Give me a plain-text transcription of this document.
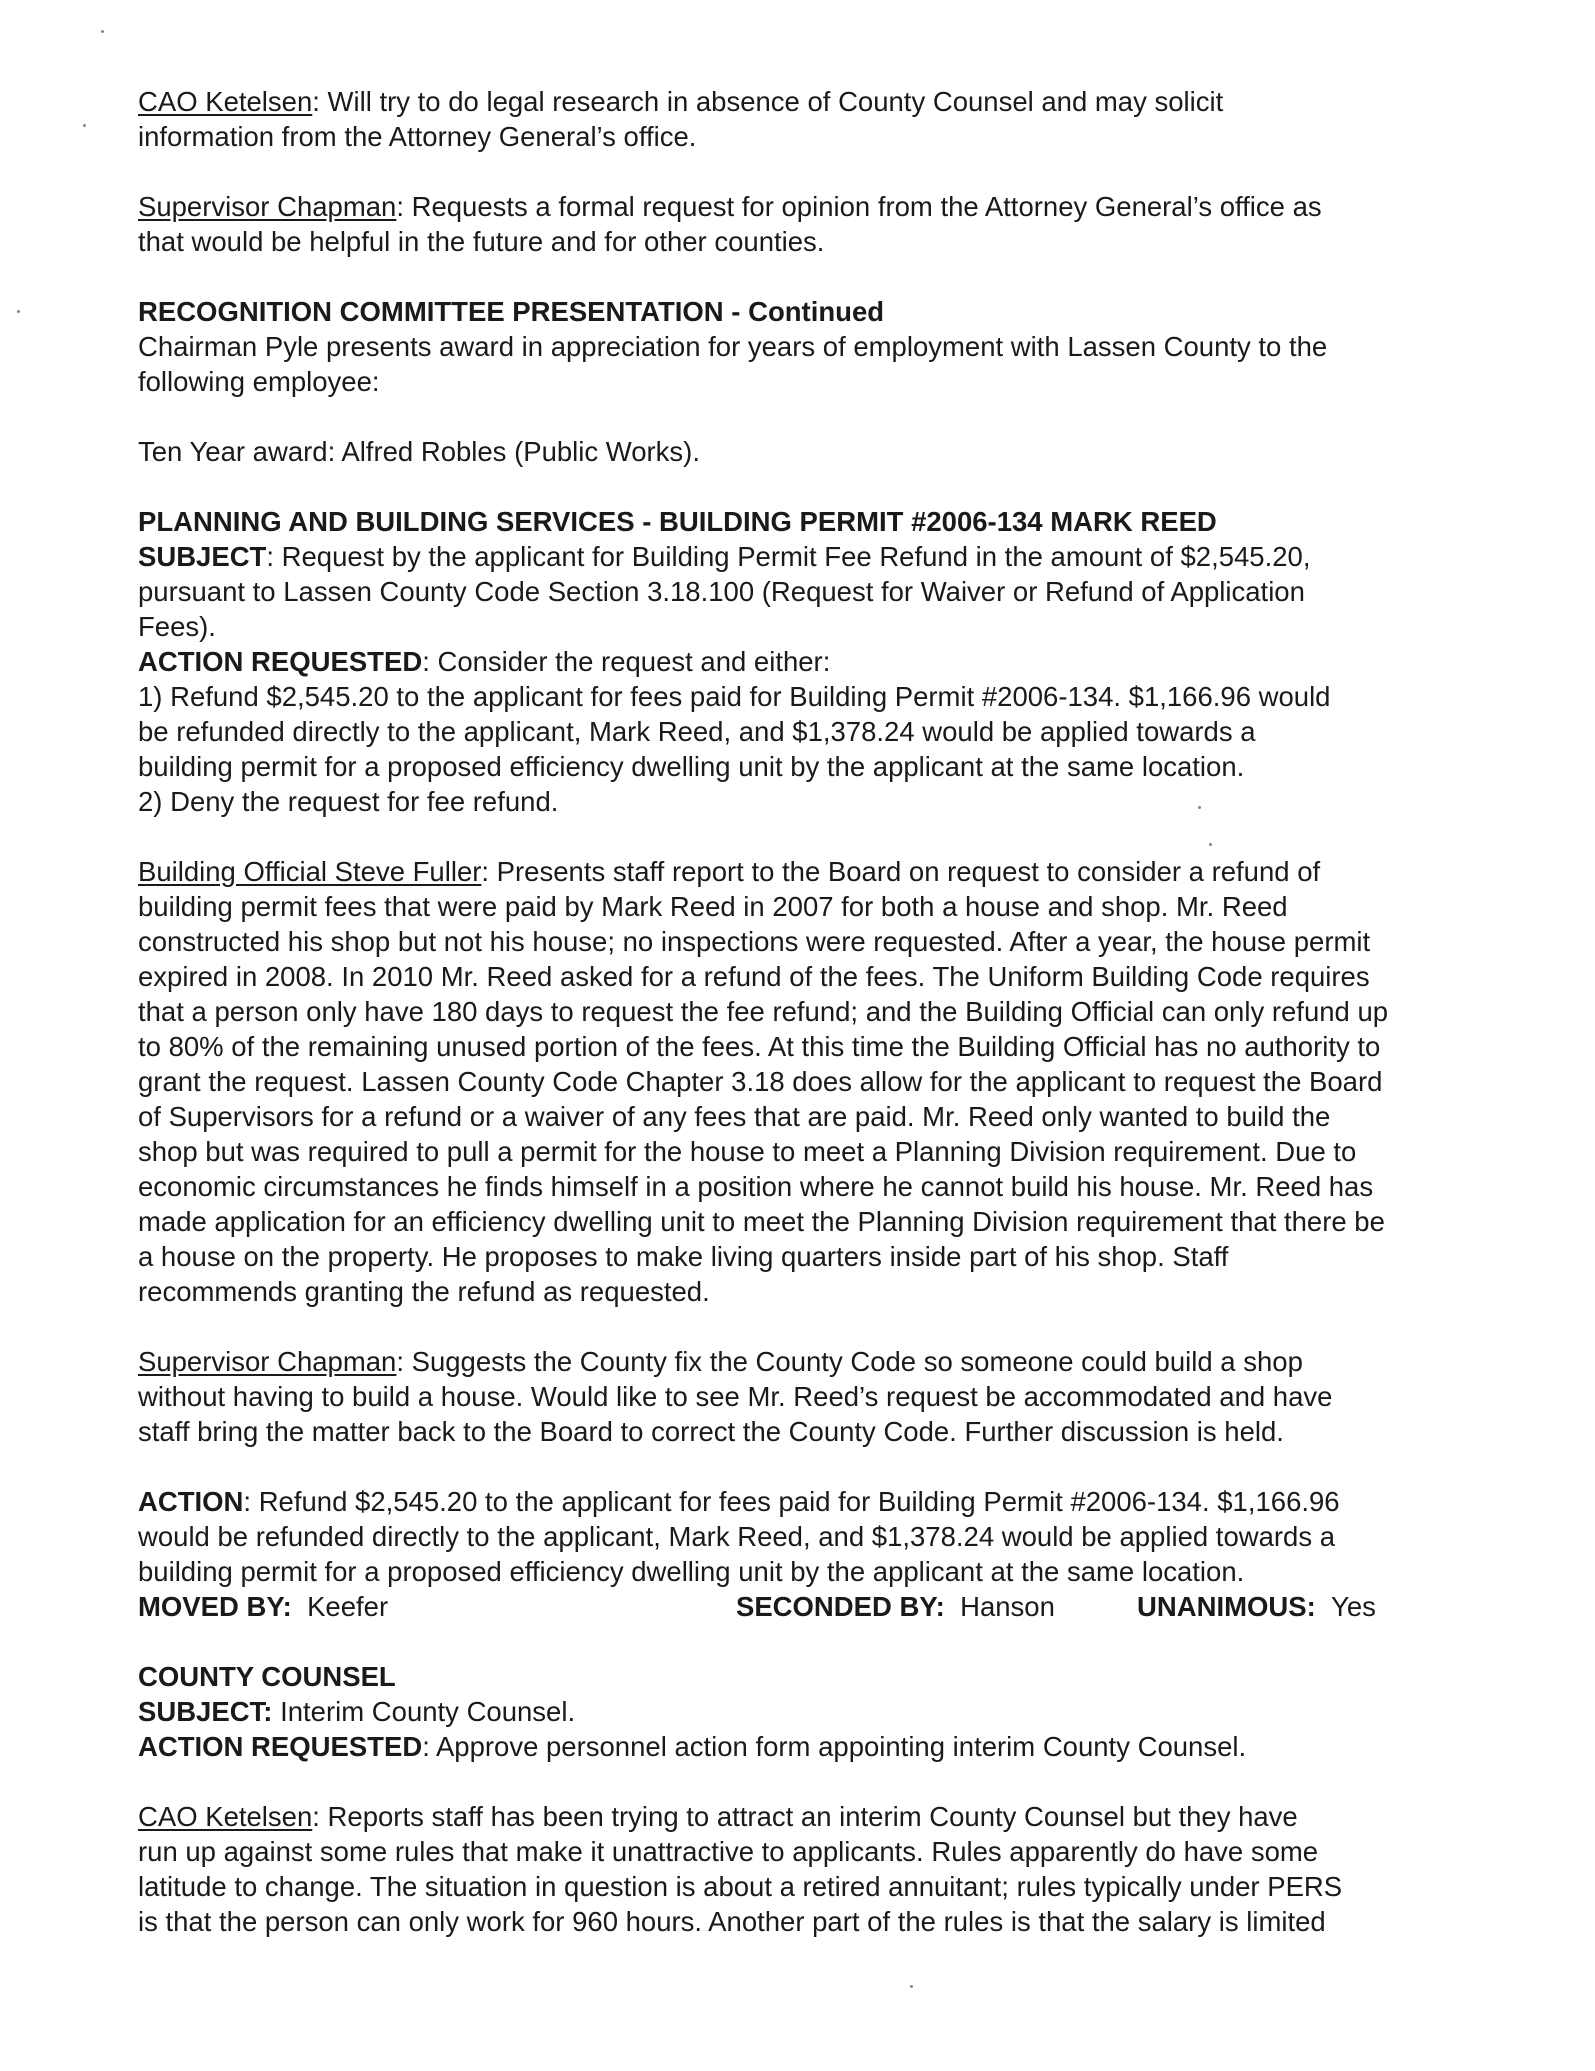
CAO Ketelsen: Will try to do legal research in absence of County Counsel and may solicit
information from the Attorney General’s office.
Supervisor Chapman: Requests a formal request for opinion from the Attorney General’s office as
that would be helpful in the future and for other counties.
RECOGNITION COMMITTEE PRESENTATION - Continued
Chairman Pyle presents award in appreciation for years of employment with Lassen County to the
following employee:
Ten Year award: Alfred Robles (Public Works).
PLANNING AND BUILDING SERVICES - BUILDING PERMIT #2006-134 MARK REED
SUBJECT: Request by the applicant for Building Permit Fee Refund in the amount of $2,545.20,
pursuant to Lassen County Code Section 3.18.100 (Request for Waiver or Refund of Application
Fees).
ACTION REQUESTED: Consider the request and either:
1) Refund $2,545.20 to the applicant for fees paid for Building Permit #2006-134. $1,166.96 would
be refunded directly to the applicant, Mark Reed, and $1,378.24 would be applied towards a
building permit for a proposed efficiency dwelling unit by the applicant at the same location.
2) Deny the request for fee refund.
Building Official Steve Fuller: Presents staff report to the Board on request to consider a refund of
building permit fees that were paid by Mark Reed in 2007 for both a house and shop. Mr. Reed
constructed his shop but not his house; no inspections were requested. After a year, the house permit
expired in 2008. In 2010 Mr. Reed asked for a refund of the fees. The Uniform Building Code requires
that a person only have 180 days to request the fee refund; and the Building Official can only refund up
to 80% of the remaining unused portion of the fees. At this time the Building Official has no authority to
grant the request. Lassen County Code Chapter 3.18 does allow for the applicant to request the Board
of Supervisors for a refund or a waiver of any fees that are paid. Mr. Reed only wanted to build the
shop but was required to pull a permit for the house to meet a Planning Division requirement. Due to
economic circumstances he finds himself in a position where he cannot build his house. Mr. Reed has
made application for an efficiency dwelling unit to meet the Planning Division requirement that there be
a house on the property. He proposes to make living quarters inside part of his shop. Staff
recommends granting the refund as requested.
Supervisor Chapman: Suggests the County fix the County Code so someone could build a shop
without having to build a house. Would like to see Mr. Reed’s request be accommodated and have
staff bring the matter back to the Board to correct the County Code. Further discussion is held.
ACTION: Refund $2,545.20 to the applicant for fees paid for Building Permit #2006-134. $1,166.96
would be refunded directly to the applicant, Mark Reed, and $1,378.24 would be applied towards a
building permit for a proposed efficiency dwelling unit by the applicant at the same location.
MOVED BY: Keefer	SECONDED BY: Hanson	UNANIMOUS: Yes
COUNTY COUNSEL
SUBJECT: Interim County Counsel.
ACTION REQUESTED: Approve personnel action form appointing interim County Counsel.
CAO Ketelsen: Reports staff has been trying to attract an interim County Counsel but they have
run up against some rules that make it unattractive to applicants. Rules apparently do have some
latitude to change. The situation in question is about a retired annuitant; rules typically under PERS
is that the person can only work for 960 hours. Another part of the rules is that the salary is limited
